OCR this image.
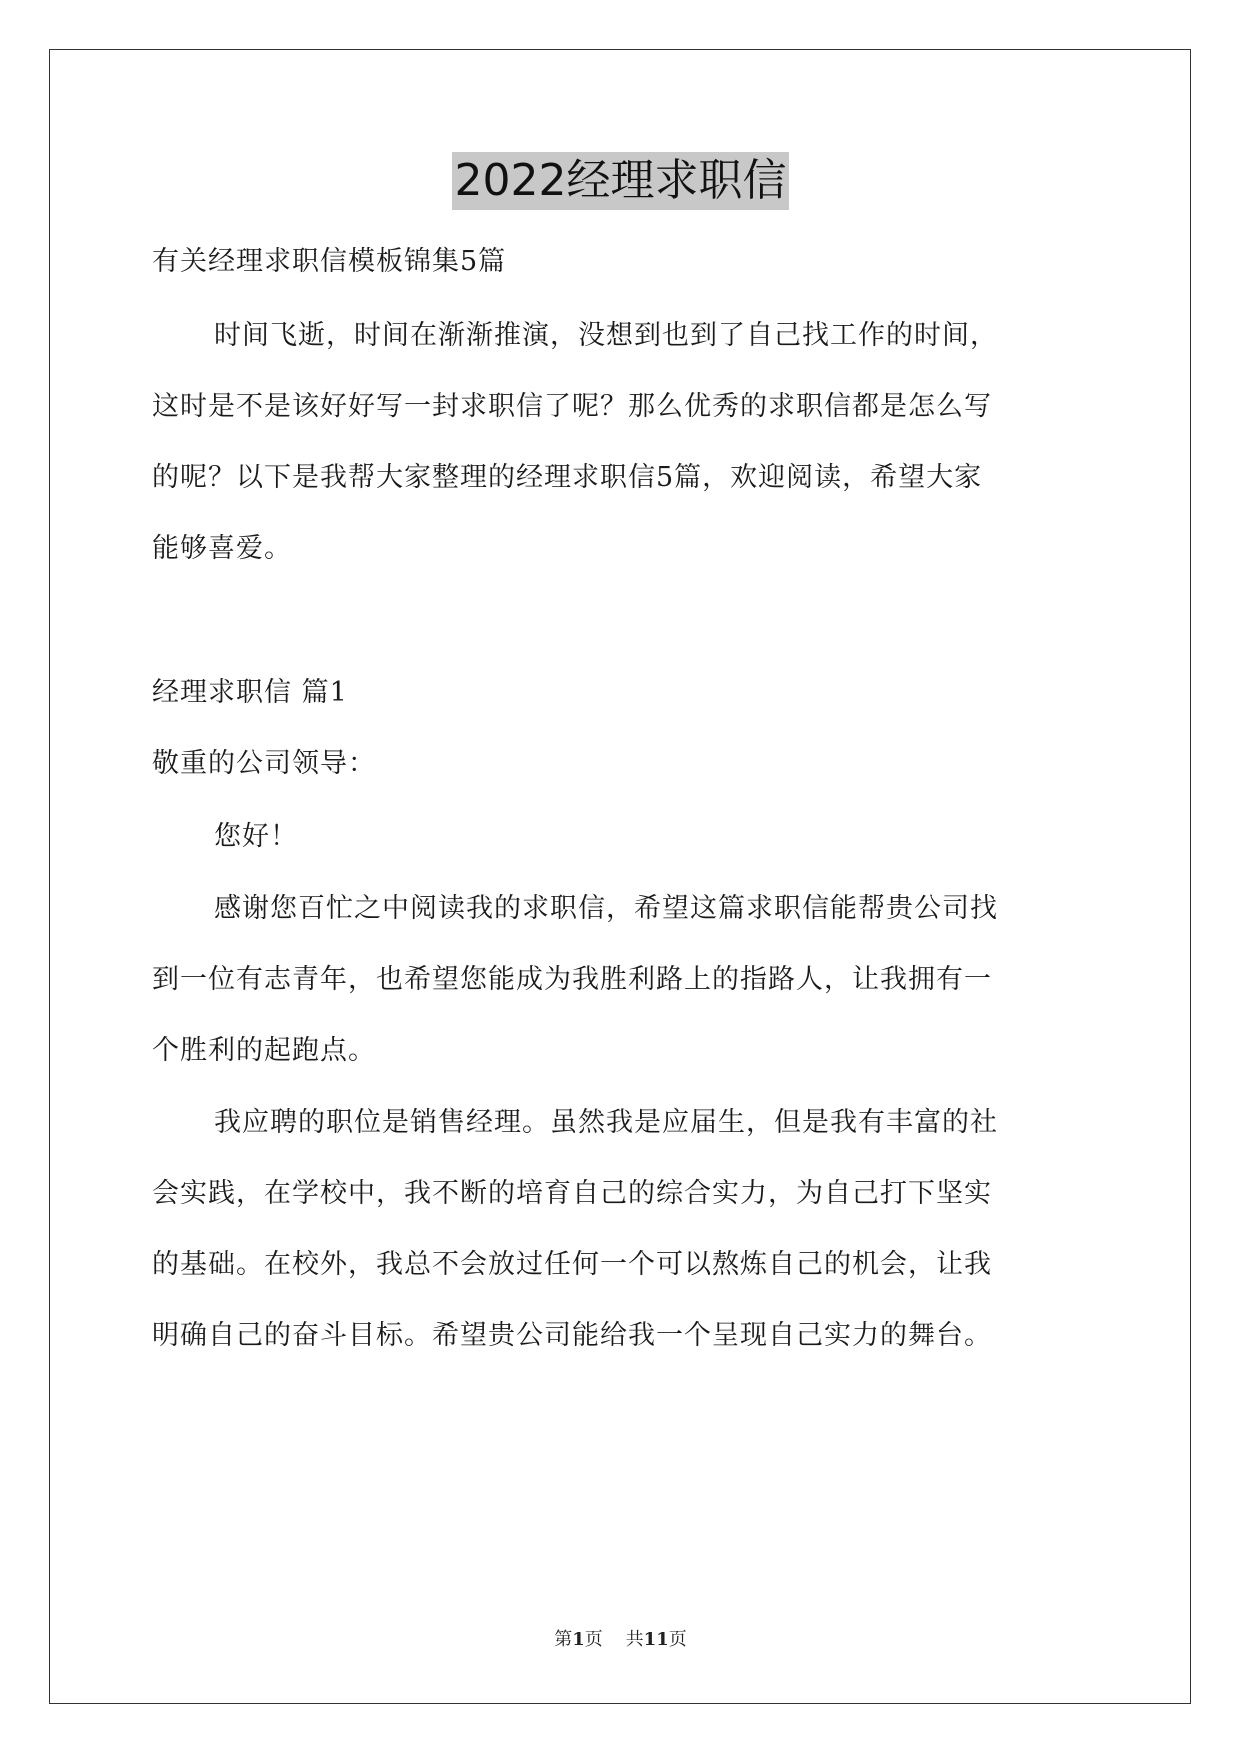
2022经理求职信
有关经理求职信模板锦集5篇
时间飞逝，时间在渐渐推演，没想到也到了自己找工作的时间，
这时是不是该好好写一封求职信了呢？那么优秀的求职信都是怎么写
的呢？以下是我帮大家整理的经理求职信5篇，欢迎阅读，希望大家
能够喜爱。
经理求职信 篇1
敬重的公司领导：
您好！
感谢您百忙之中阅读我的求职信，希望这篇求职信能帮贵公司找
到一位有志青年，也希望您能成为我胜利路上的指路人，让我拥有一
个胜利的起跑点。
我应聘的职位是销售经理。虽然我是应届生，但是我有丰富的社
会实践，在学校中，我不断的培育自己的综合实力，为自己打下坚实
的基础。在校外，我总不会放过任何一个可以熬炼自己的机会，让我
明确自己的奋斗目标。希望贵公司能给我一个呈现自己实力的舞台。
第1页 共11页
